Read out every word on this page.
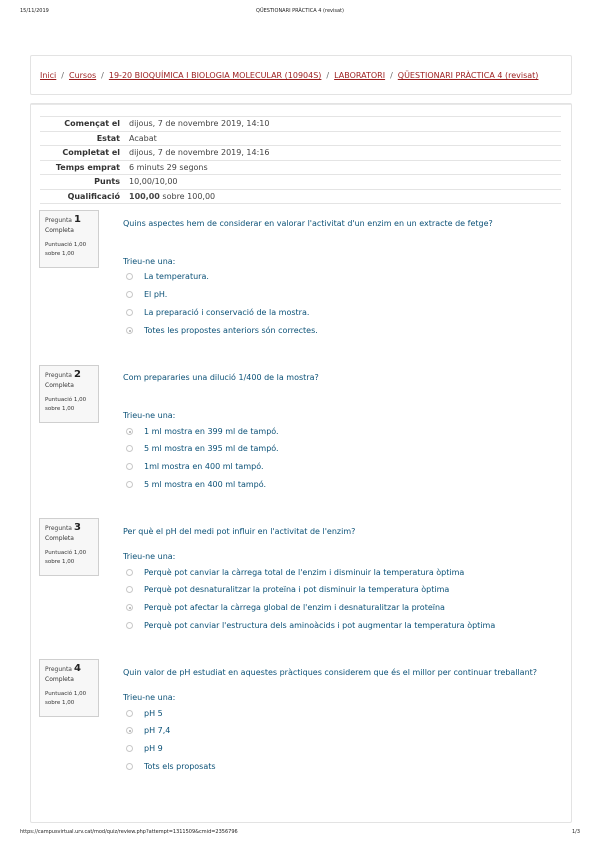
15/11/2019	QÜESTIONARI PRÀCTICA 4 (revisat)
Inici / Cursos / 19-20 BIOQUÍMICA I BIOLOGIA MOLECULAR (10904S) / LABORATORI / QÜESTIONARI PRÀCTICA 4 (revisat)
Començat el	dijous, 7 de novembre 2019, 14:10
Estat	Acabat
Completat el	dijous, 7 de novembre 2019, 14:16
Temps emprat	6 minuts 29 segons
Punts	10,00/10,00
Qualificació	100,00 sobre 100,00
Pregunta 1
Completa
Puntuació 1,00 sobre 1,00
Quins aspectes hem de considerar en valorar l'activitat d'un enzim en un extracte de fetge?
Trieu-ne una:
La temperatura.
El pH.
La preparació i conservació de la mostra.
Totes les propostes anteriors són correctes.
Pregunta 2
Completa
Puntuació 1,00 sobre 1,00
Com prepararies una dilució 1/400 de la mostra?
Trieu-ne una:
1 ml mostra en 399 ml de tampó.
5 ml mostra en 395 ml de tampó.
1ml mostra en 400 ml tampó.
5 ml mostra en 400 ml tampó.
Pregunta 3
Completa
Puntuació 1,00 sobre 1,00
Per què el pH del medi pot influir en l'activitat de l'enzim?
Trieu-ne una:
Perquè pot canviar la càrrega total de l'enzim i disminuir la temperatura òptima
Perquè pot desnaturalitzar la proteïna i pot disminuir la temperatura òptima
Perquè pot afectar la càrrega global de l'enzim i desnaturalitzar la proteïna
Perquè pot canviar l'estructura dels aminoàcids i pot augmentar la temperatura òptima
Pregunta 4
Completa
Puntuació 1,00 sobre 1,00
Quin valor de pH estudiat en aquestes pràctiques considerem que és el millor per continuar treballant?
Trieu-ne una:
pH 5
pH 7,4
pH 9
Tots els proposats
https://campusvirtual.urv.cat/mod/quiz/review.php?attempt=1311509&cmid=2356796	1/3
